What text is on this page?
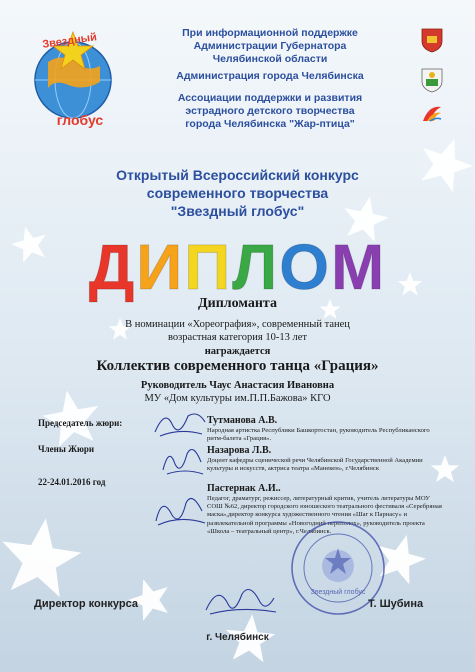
Звездный
глобус
При информационной поддержке
Администрации Губернатора
Челябинской области
Администрация города Челябинска
Ассоциации поддержки и развития
эстрадного детского творчества
города Челябинска "Жар-птица"
Открытый Всероссийский конкурс
современного творчества
"Звездный глобус"
ДИПЛОМ
Дипломанта
В номинации «Хореография», современный танец
возрастная категория 10-13 лет
награждается
Коллектив современного танца «Грация»
Руководитель Чаус Анастасия Ивановна
МУ «Дом культуры им.П.П.Бажова» КГО
Председатель жюри:
Члены Жюри
22-24.01.2016 год
Тутманова А.В.
Народная артистка Республики Башкортостан, руководитель Республиканского ритм-балета «Грация».
Назарова Л.В.
Доцент кафедры сценической речи Челябинской Государственной Академии культуры и искусств, актриса театра «Манекен», г.Челябинск
Пастернак А.И..
Педагог, драматург, режиссер, литературный критик, учитель литературы МОУ СОШ №62, директор городского юношеского театрального фестиваля «Серебряная маска»,директор конкурса художественного чтения «Шаг к Парнасу» и развлекательной программы «Новогодний переполох», руководитель проекта «Школа – театральный центр», г.Челябинск.
Звездный глобус
Директор конкурса	Т. Шубина
г. Челябинск
